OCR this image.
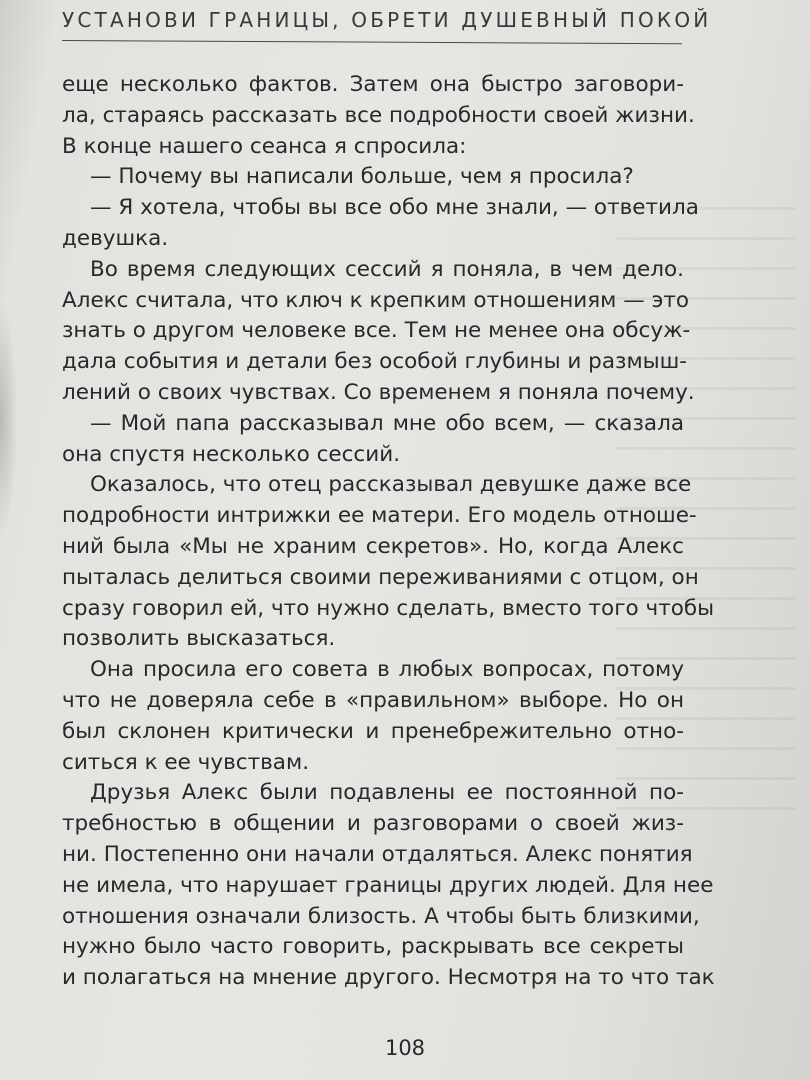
УСТАНОВИ ГРАНИЦЫ, ОБРЕТИ ДУШЕВНЫЙ ПОКОЙ
еще несколько фактов. Затем она быстро заговори-
ла, стараясь рассказать все подробности своей жизни.
В конце нашего сеанса я спросила:
— Почему вы написали больше, чем я просила?
— Я хотела, чтобы вы все обо мне знали, — ответила
девушка.
Во время следующих сессий я поняла, в чем дело.
Алекс считала, что ключ к крепким отношениям — это
знать о другом человеке все. Тем не менее она обсуж-
дала события и детали без особой глубины и размыш-
лений о своих чувствах. Со временем я поняла почему.
— Мой папа рассказывал мне обо всем, — сказала
она спустя несколько сессий.
Оказалось, что отец рассказывал девушке даже все
подробности интрижки ее матери. Его модель отноше-
ний была «Мы не храним секретов». Но, когда Алекс
пыталась делиться своими переживаниями с отцом, он
сразу говорил ей, что нужно сделать, вместо того чтобы
позволить высказаться.
Она просила его совета в любых вопросах, потому
что не доверяла себе в «правильном» выборе. Но он
был склонен критически и пренебрежительно отно-
ситься к ее чувствам.
Друзья Алекс были подавлены ее постоянной по-
требностью в общении и разговорами о своей жиз-
ни. Постепенно они начали отдаляться. Алекс понятия
не имела, что нарушает границы других людей. Для нее
отношения означали близость. А чтобы быть близкими,
нужно было часто говорить, раскрывать все секреты
и полагаться на мнение другого. Несмотря на то что так
108
